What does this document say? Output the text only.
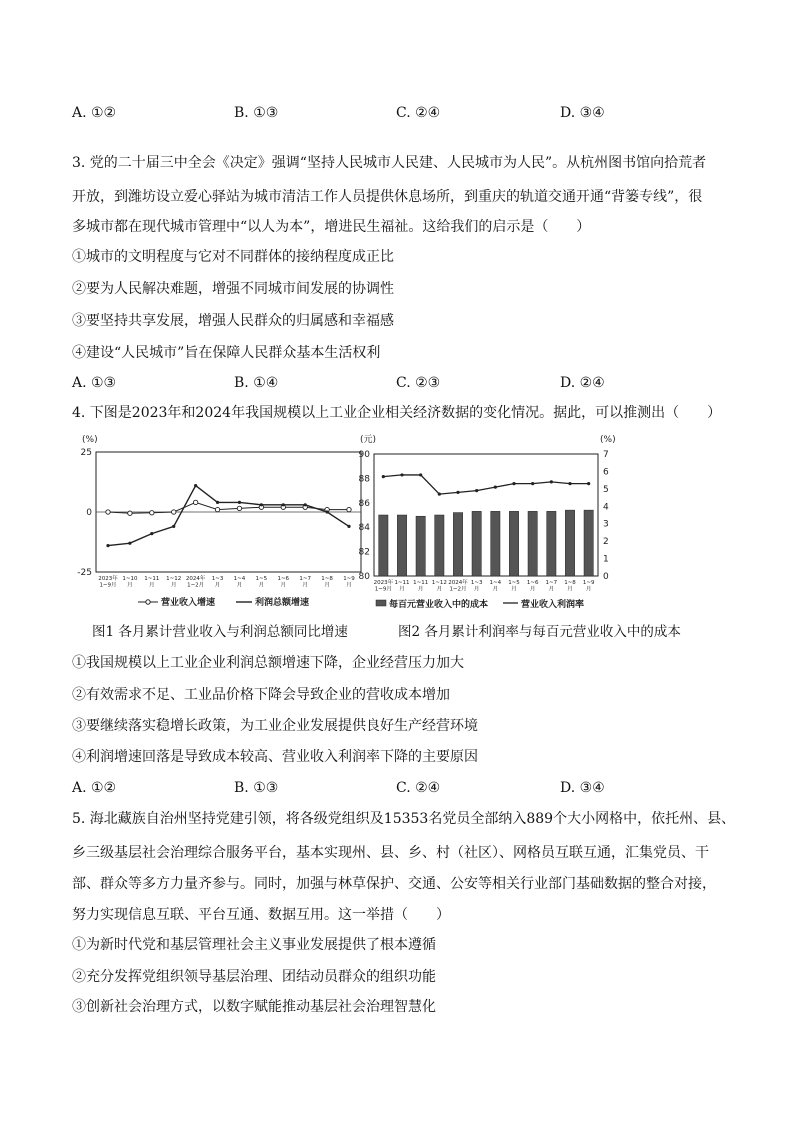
A. ①②	B. ①③	C. ②④	D. ③④
3. 党的二十届三中全会《决定》强调“坚持人民城市人民建、人民城市为人民”。从杭州图书馆向拾荒者
开放，到潍坊设立爱心驿站为城市清洁工作人员提供休息场所，到重庆的轨道交通开通“背篓专线”，很
多城市都在现代城市管理中“以人为本”，增进民生福祉。这给我们的启示是（　　）
①城市的文明程度与它对不同群体的接纳程度成正比
②要为人民解决难题，增强不同城市间发展的协调性
③要坚持共享发展，增强人民群众的归属感和幸福感
④建设“人民城市”旨在保障人民群众基本生活权利
A. ①③	B. ①④	C. ②③	D. ②④
4. 下图是2023年和2024年我国规模以上工业企业相关经济数据的变化情况。据此，可以推测出（　　）
(%)
25
0
-25
2023年 1~9月
1~10 月
1~11 月
1~12 月
2024年 1~2月
1~3 月
1~4 月
1~5 月
1~6 月
1~7 月
1~8 月
1~9 月
营业收入增速	利润总额增速
(元)	(%)
90
88
86
84
82
80
7
6
5
4
3
2
1
0
2023年 1~9月
1~11 月
1~11 月
1~12 月
2024年 1~2月
1~3 月
1~4 月
1~5 月
1~6 月
1~7 月
1~8 月
1~9 月
每百元营业收入中的成本	营业收入利润率
图1 各月累计营业收入与利润总额同比增速	图2 各月累计利润率与每百元营业收入中的成本
①我国规模以上工业企业利润总额增速下降，企业经营压力加大
②有效需求不足、工业品价格下降会导致企业的营收成本增加
③要继续落实稳增长政策，为工业企业发展提供良好生产经营环境
④利润增速回落是导致成本较高、营业收入利润率下降的主要原因
A. ①②	B. ①③	C. ②④	D. ③④
5. 海北藏族自治州坚持党建引领，将各级党组织及15353名党员全部纳入889个大小网格中，依托州、县、
乡三级基层社会治理综合服务平台，基本实现州、县、乡、村（社区）、网格员互联互通，汇集党员、干
部、群众等多方力量齐参与。同时，加强与林草保护、交通、公安等相关行业部门基础数据的整合对接，
努力实现信息互联、平台互通、数据互用。这一举措（　　）
①为新时代党和基层管理社会主义事业发展提供了根本遵循
②充分发挥党组织领导基层治理、团结动员群众的组织功能
③创新社会治理方式，以数字赋能推动基层社会治理智慧化
